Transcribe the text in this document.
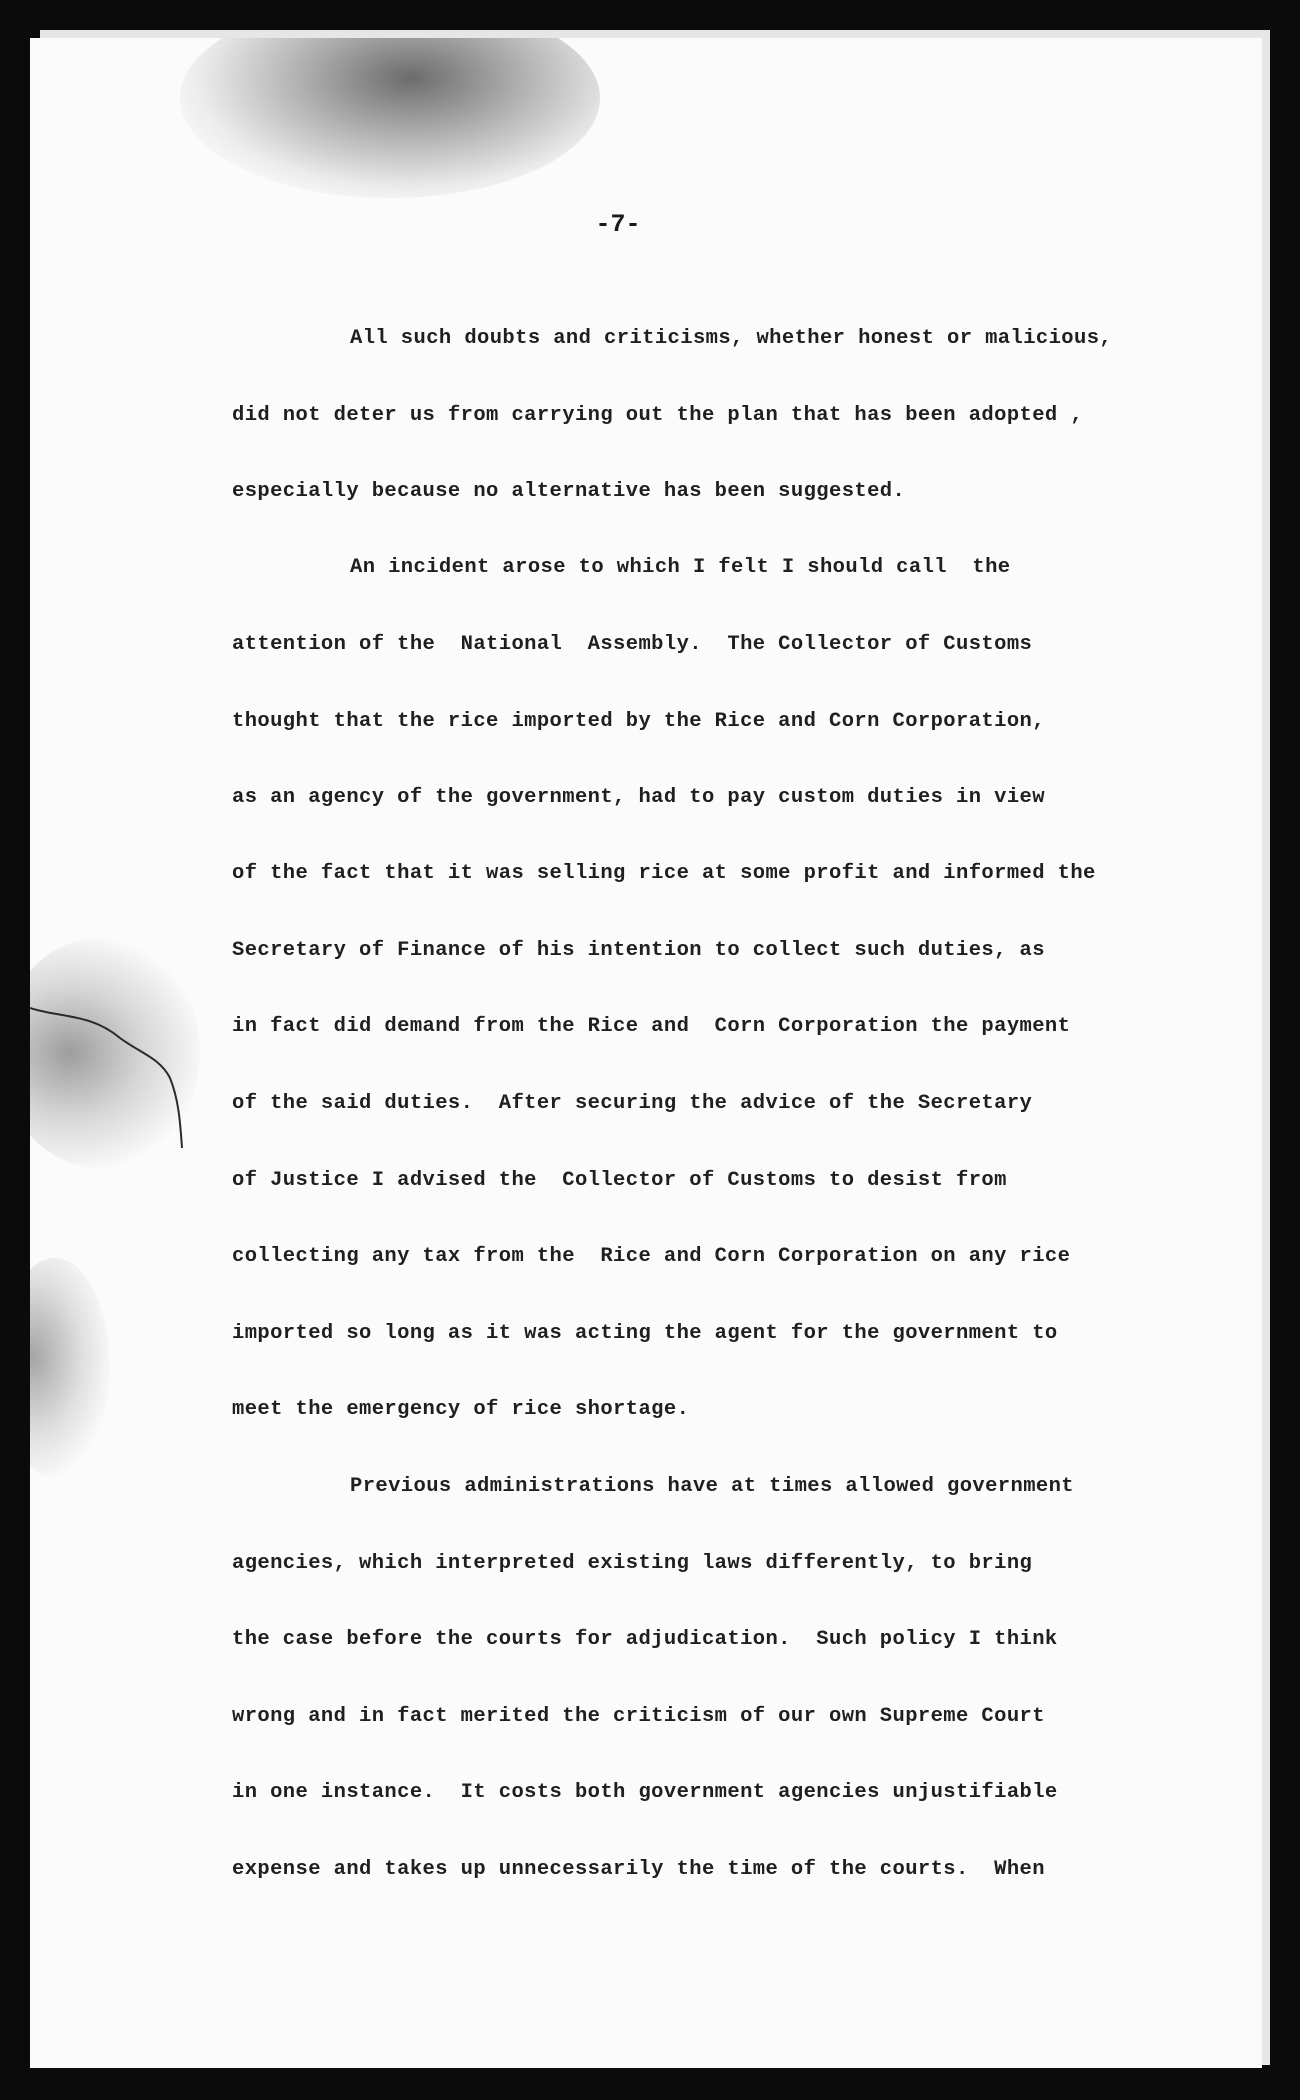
-7-

All such doubts and criticisms, whether honest or malicious,

did not deter us from carrying out the plan that has been adopted ,

especially because no alternative has been suggested.

An incident arose to which I felt I should call  the

attention of the  National  Assembly.  The Collector of Customs

thought that the rice imported by the Rice and Corn Corporation,

as an agency of the government, had to pay custom duties in view

of the fact that it was selling rice at some profit and informed the

Secretary of Finance of his intention to collect such duties, as

in fact did demand from the Rice and  Corn Corporation the payment

of the said duties.  After securing the advice of the Secretary

of Justice I advised the  Collector of Customs to desist from

collecting any tax from the  Rice and Corn Corporation on any rice

imported so long as it was acting the agent for the government to

meet the emergency of rice shortage.

Previous administrations have at times allowed government

agencies, which interpreted existing laws differently, to bring

the case before the courts for adjudication.  Such policy I think

wrong and in fact merited the criticism of our own Supreme Court

in one instance.  It costs both government agencies unjustifiable

expense and takes up unnecessarily the time of the courts.  When
